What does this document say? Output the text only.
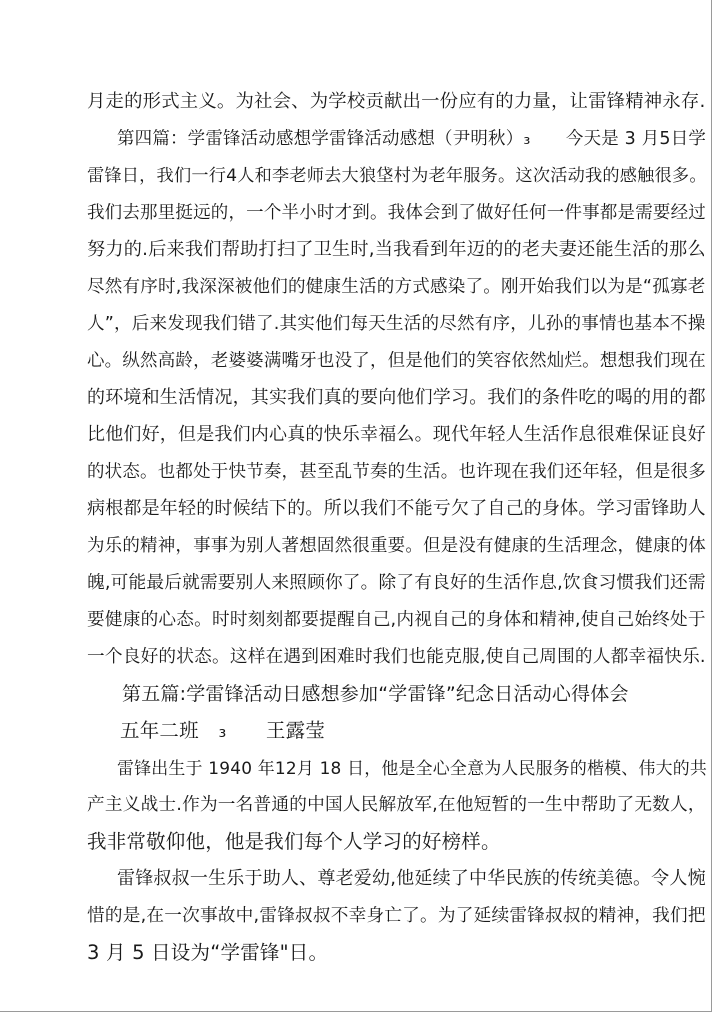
月走的形式主义。为社会、为学校贡献出一份应有的力量，让雷锋精神永存.
第四篇：学雷锋活动感想学雷锋活动感想（尹明秋）₃　　今天是 3 月5日学
雷锋日，我们一行4人和李老师去大狼垡村为老年服务。这次活动我的感触很多。
我们去那里挺远的，一个半小时才到。我体会到了做好任何一件事都是需要经过
努力的.后来我们帮助打扫了卫生时,当我看到年迈的的老夫妻还能生活的那么
尽然有序时,我深深被他们的健康生活的方式感染了。刚开始我们以为是“孤寡老
人”，后来发现我们错了.其实他们每天生活的尽然有序，儿孙的事情也基本不操
心。纵然高龄，老婆婆满嘴牙也没了，但是他们的笑容依然灿烂。想想我们现在
的环境和生活情况，其实我们真的要向他们学习。我们的条件吃的喝的用的都
比他们好，但是我们内心真的快乐幸福么。现代年轻人生活作息很难保证良好
的状态。也都处于快节奏，甚至乱节奏的生活。也许现在我们还年轻，但是很多
病根都是年轻的时候结下的。所以我们不能亏欠了自己的身体。学习雷锋助人
为乐的精神，事事为别人著想固然很重要。但是没有健康的生活理念，健康的体
魄,可能最后就需要别人来照顾你了。除了有良好的生活作息,饮食习惯我们还需
要健康的心态。时时刻刻都要提醒自己,内视自己的身体和精神,使自己始终处于
一个良好的状态。这样在遇到困难时我们也能克服,使自己周围的人都幸福快乐.
第五篇:学雷锋活动日感想参加“学雷锋”纪念日活动心得体会
五年二班　₃　　王露莹
雷锋出生于 1940 年12月 18 日，他是全心全意为人民服务的楷模、伟大的共
产主义战士.作为一名普通的中国人民解放军,在他短暂的一生中帮助了无数人，
我非常敬仰他，他是我们每个人学习的好榜样。
雷锋叔叔一生乐于助人、尊老爱幼,他延续了中华民族的传统美德。令人惋
惜的是,在一次事故中,雷锋叔叔不幸身亡了。为了延续雷锋叔叔的精神，我们把
3 月 5 日设为“学雷锋"日。
